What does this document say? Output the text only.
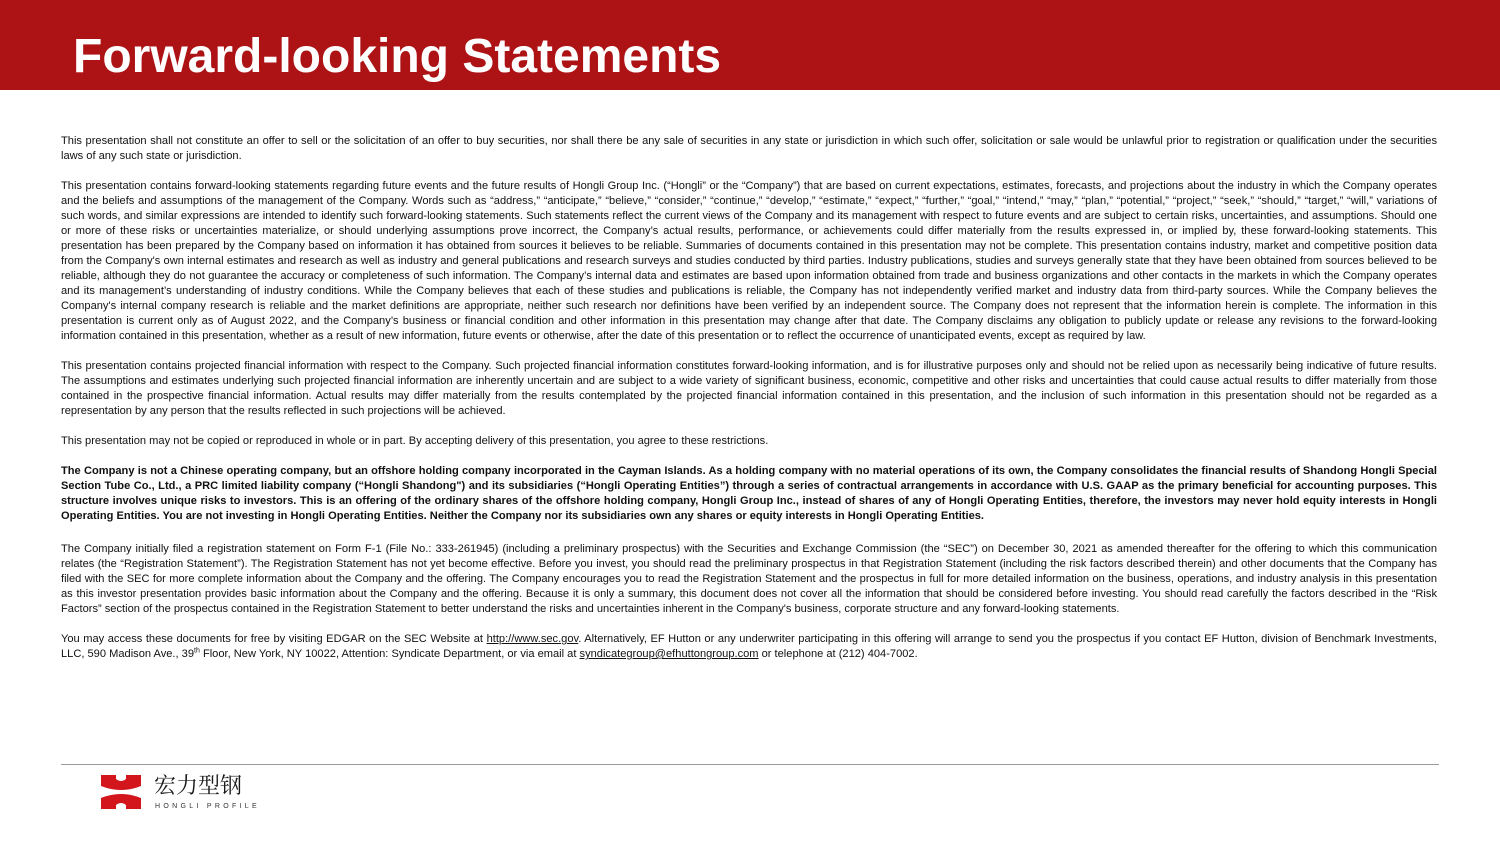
Forward-looking Statements

This presentation shall not constitute an offer to sell or the solicitation of an offer to buy securities, nor shall there be any sale of securities in any state or jurisdiction in which such offer, solicitation or sale would be unlawful prior to registration or qualification under the securities laws of any such state or jurisdiction.

This presentation contains forward-looking statements regarding future events and the future results of Hongli Group Inc. (“Hongli” or the “Company”) that are based on current expectations, estimates, forecasts, and projections about the industry in which the Company operates and the beliefs and assumptions of the management of the Company. Words such as “address,” “anticipate,” “believe,” “consider,” “continue,” “develop,” “estimate,” “expect,” “further,” “goal,” “intend,” “may,” “plan,” “potential,” “project,” “seek,” “should,” “target,” “will,” variations of such words, and similar expressions are intended to identify such forward-looking statements. Such statements reflect the current views of the Company and its management with respect to future events and are subject to certain risks, uncertainties, and assumptions. Should one or more of these risks or uncertainties materialize, or should underlying assumptions prove incorrect, the Company’s actual results, performance, or achievements could differ materially from the results expressed in, or implied by, these forward-looking statements. This presentation has been prepared by the Company based on information it has obtained from sources it believes to be reliable. Summaries of documents contained in this presentation may not be complete. This presentation contains industry, market and competitive position data from the Company's own internal estimates and research as well as industry and general publications and research surveys and studies conducted by third parties. Industry publications, studies and surveys generally state that they have been obtained from sources believed to be reliable, although they do not guarantee the accuracy or completeness of such information. The Company’s internal data and estimates are based upon information obtained from trade and business organizations and other contacts in the markets in which the Company operates and its management’s understanding of industry conditions. While the Company believes that each of these studies and publications is reliable, the Company has not independently verified market and industry data from third-party sources. While the Company believes the Company's internal company research is reliable and the market definitions are appropriate, neither such research nor definitions have been verified by an independent source. The Company does not represent that the information herein is complete. The information in this presentation is current only as of August 2022, and the Company’s business or financial condition and other information in this presentation may change after that date. The Company disclaims any obligation to publicly update or release any revisions to the forward-looking information contained in this presentation, whether as a result of new information, future events or otherwise, after the date of this presentation or to reflect the occurrence of unanticipated events, except as required by law.

This presentation contains projected financial information with respect to the Company. Such projected financial information constitutes forward-looking information, and is for illustrative purposes only and should not be relied upon as necessarily being indicative of future results. The assumptions and estimates underlying such projected financial information are inherently uncertain and are subject to a wide variety of significant business, economic, competitive and other risks and uncertainties that could cause actual results to differ materially from those contained in the prospective financial information. Actual results may differ materially from the results contemplated by the projected financial information contained in this presentation, and the inclusion of such information in this presentation should not be regarded as a representation by any person that the results reflected in such projections will be achieved.

This presentation may not be copied or reproduced in whole or in part. By accepting delivery of this presentation, you agree to these restrictions.

The Company is not a Chinese operating company, but an offshore holding company incorporated in the Cayman Islands. As a holding company with no material operations of its own, the Company consolidates the financial results of Shandong Hongli Special Section Tube Co., Ltd., a PRC limited liability company (“Hongli Shandong") and its subsidiaries (“Hongli Operating Entities”) through a series of contractual arrangements in accordance with U.S. GAAP as the primary beneficial for accounting purposes. This structure involves unique risks to investors. This is an offering of the ordinary shares of the offshore holding company, Hongli Group Inc., instead of shares of any of Hongli Operating Entities, therefore, the investors may never hold equity interests in Hongli Operating Entities. You are not investing in Hongli Operating Entities. Neither the Company nor its subsidiaries own any shares or equity interests in Hongli Operating Entities.

The Company initially filed a registration statement on Form F-1 (File No.: 333-261945) (including a preliminary prospectus) with the Securities and Exchange Commission (the “SEC”) on December 30, 2021 as amended thereafter for the offering to which this communication relates (the “Registration Statement”). The Registration Statement has not yet become effective. Before you invest, you should read the preliminary prospectus in that Registration Statement (including the risk factors described therein) and other documents that the Company has filed with the SEC for more complete information about the Company and the offering. The Company encourages you to read the Registration Statement and the prospectus in full for more detailed information on the business, operations, and industry analysis in this presentation as this investor presentation provides basic information about the Company and the offering. Because it is only a summary, this document does not cover all the information that should be considered before investing. You should read carefully the factors described in the “Risk Factors” section of the prospectus contained in the Registration Statement to better understand the risks and uncertainties inherent in the Company's business, corporate structure and any forward-looking statements.

You may access these documents for free by visiting EDGAR on the SEC Website at http://www.sec.gov. Alternatively, EF Hutton or any underwriter participating in this offering will arrange to send you the prospectus if you contact EF Hutton, division of Benchmark Investments, LLC, 590 Madison Ave., 39th Floor, New York, NY 10022, Attention: Syndicate Department, or via email at syndicategroup@efhuttongroup.com or telephone at (212) 404-7002.

宏力型钢
HONGLI PROFILE
